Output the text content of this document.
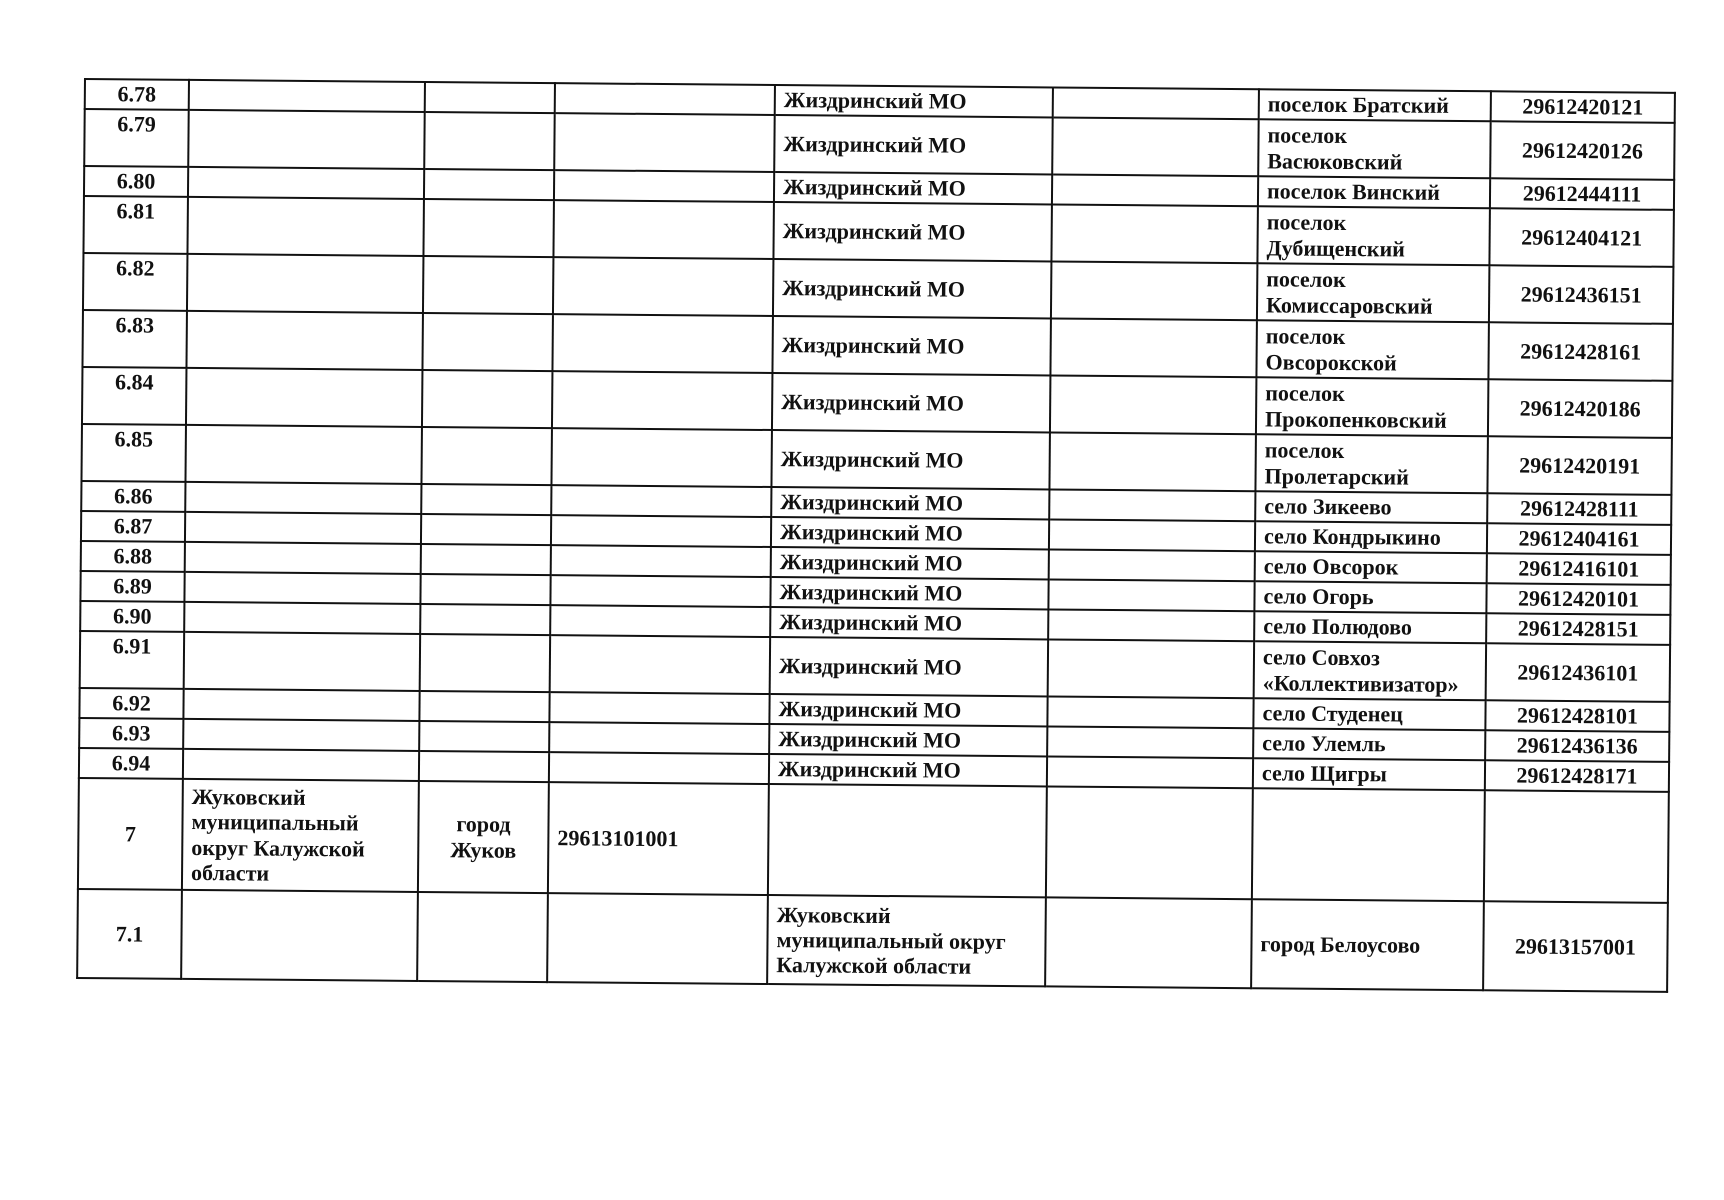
6.78				Жиздринский МО		поселок Братский	29612420121
6.79				Жиздринский МО		поселок Васюковский	29612420126
6.80				Жиздринский МО		поселок Винский	29612444111
6.81				Жиздринский МО		поселок Дубищенский	29612404121
6.82				Жиздринский МО		поселок Комиссаровский	29612436151
6.83				Жиздринский МО		поселок Овсорокской	29612428161
6.84				Жиздринский МО		поселок Прокопенковский	29612420186
6.85				Жиздринский МО		поселок Пролетарский	29612420191
6.86				Жиздринский МО		село Зикеево	29612428111
6.87				Жиздринский МО		село Кондрыкино	29612404161
6.88				Жиздринский МО		село Овсорок	29612416101
6.89				Жиздринский МО		село Огорь	29612420101
6.90				Жиздринский МО		село Полюдово	29612428151
6.91				Жиздринский МО		село Совхоз «Коллективизатор»	29612436101
6.92				Жиздринский МО		село Студенец	29612428101
6.93				Жиздринский МО		село Улемль	29612436136
6.94				Жиздринский МО		село Щигры	29612428171
7	Жуковский муниципальный округ Калужской области	город Жуков	29613101001				
7.1				Жуковский муниципальный округ Калужской области		город Белоусово	29613157001
